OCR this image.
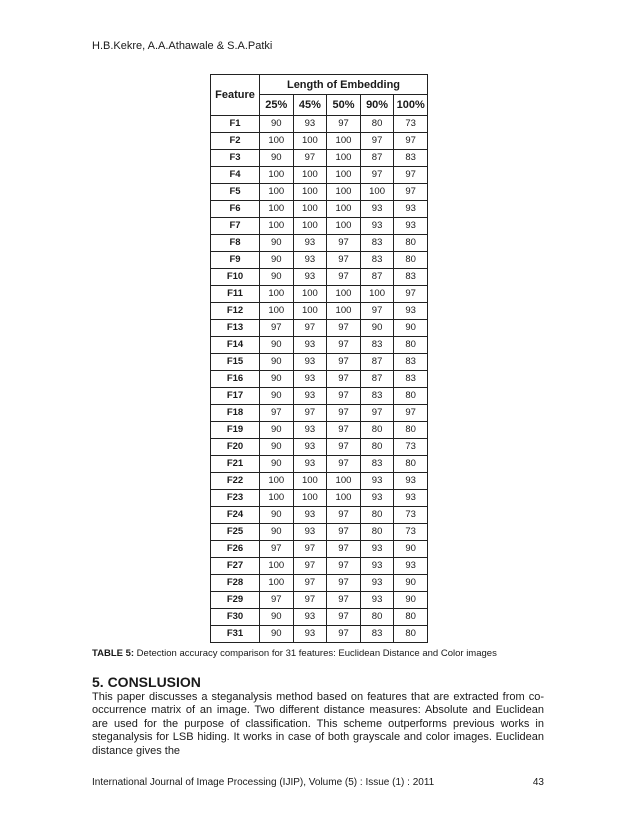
H.B.Kekre, A.A.Athawale & S.A.Patki
Feature	Length of Embedding				
	25%	45%	50%	90%	100%
F1	90	93	97	80	73
F2	100	100	100	97	97
F3	90	97	100	87	83
F4	100	100	100	97	97
F5	100	100	100	100	97
F6	100	100	100	93	93
F7	100	100	100	93	93
F8	90	93	97	83	80
F9	90	93	97	83	80
F10	90	93	97	87	83
F11	100	100	100	100	97
F12	100	100	100	97	93
F13	97	97	97	90	90
F14	90	93	97	83	80
F15	90	93	97	87	83
F16	90	93	97	87	83
F17	90	93	97	83	80
F18	97	97	97	97	97
F19	90	93	97	80	80
F20	90	93	97	80	73
F21	90	93	97	83	80
F22	100	100	100	93	93
F23	100	100	100	93	93
F24	90	93	97	80	73
F25	90	93	97	80	73
F26	97	97	97	93	90
F27	100	97	97	93	93
F28	100	97	97	93	90
F29	97	97	97	93	90
F30	90	93	97	80	80
F31	90	93	97	83	80
TABLE 5: Detection accuracy comparison for 31 features: Euclidean Distance and Color images
5. CONSLUSION
This paper discusses a steganalysis method based on features that are extracted from co-occurrence matrix of an image. Two different distance measures: Absolute and Euclidean are used for the purpose of classification. This scheme outperforms previous works in steganalysis for LSB hiding. It works in case of both grayscale and color images. Euclidean distance gives the
International Journal of Image Processing (IJIP), Volume (5) : Issue (1) : 2011	43
